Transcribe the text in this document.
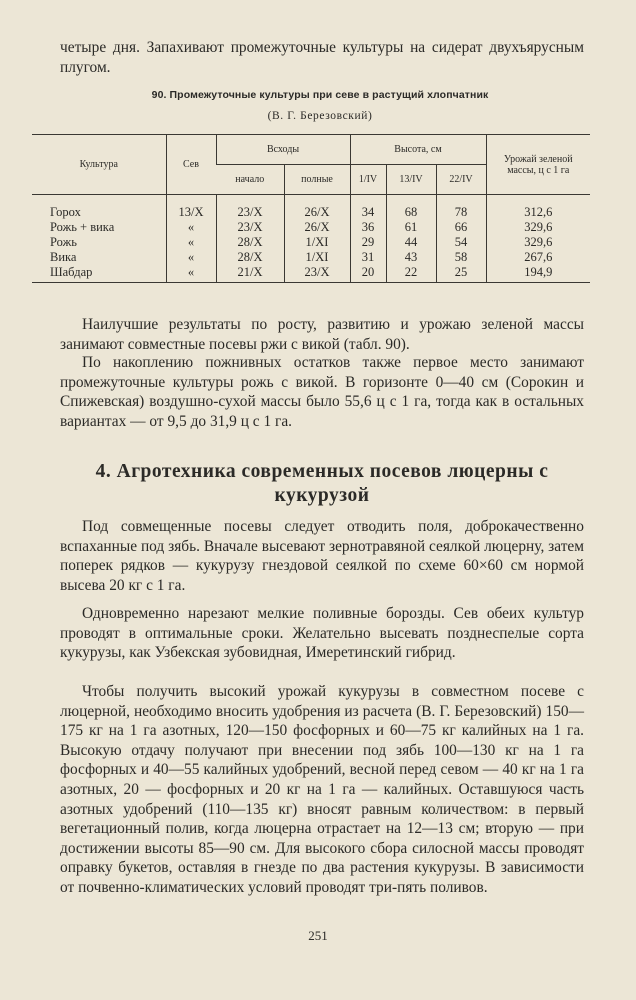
четыре дня. Запахивают промежуточные культуры на сидерат двухъярусным плугом.

90. Промежуточные культуры при севе в растущий хлопчатник
(В. Г. Березовский)
Культура	Сев	Всходы		Высота, см			Урожай зеленой массы, ц с 1 га
		начало	полные	1/IV	13/IV	22/IV	
Горох	13/X	23/X	26/X	34	68	78	312,6
Рожь + вика	«	23/X	26/X	36	61	66	329,6
Рожь	«	28/X	1/XI	29	44	54	329,6
Вика	«	28/X	1/XI	31	43	58	267,6
Шабдар	«	21/X	23/X	20	22	25	194,9

Наилучшие результаты по росту, развитию и урожаю зеленой массы занимают совместные посевы ржи с викой (табл. 90).

По накоплению пожнивных остатков также первое место занимают промежуточные культуры рожь с викой. В горизонте 0—40 см (Сорокин и Спижевская) воздушно-сухой массы было 55,6 ц с 1 га, тогда как в остальных вариантах — от 9,5 до 31,9 ц с 1 га.

4. Агротехника современных посевов люцерны с кукурузой

Под совмещенные посевы следует отводить поля, доброкачественно вспаханные под зябь. Вначале высевают зернотравяной сеялкой люцерну, затем поперек рядков — кукурузу гнездовой сеялкой по схеме 60×60 см нормой высева 20 кг с 1 га.

Одновременно нарезают мелкие поливные борозды. Сев обеих культур проводят в оптимальные сроки. Желательно высевать позднеспелые сорта кукурузы, как Узбекская зубовидная, Имеретинский гибрид.

Чтобы получить высокий урожай кукурузы в совместном посеве с люцерной, необходимо вносить удобрения из расчета (В. Г. Березовский) 150—175 кг на 1 га азотных, 120—150 фосфорных и 60—75 кг калийных на 1 га. Высокую отдачу получают при внесении под зябь 100—130 кг на 1 га фосфорных и 40—55 калийных удобрений, весной перед севом — 40 кг на 1 га азотных, 20 — фосфорных и 20 кг на 1 га — калийных. Оставшуюся часть азотных удобрений (110—135 кг) вносят равным количеством: в первый вегетационный полив, когда люцерна отрастает на 12—13 см; вторую — при достижении высоты 85—90 см. Для высокого сбора силосной массы проводят оправку букетов, оставляя в гнезде по два растения кукурузы. В зависимости от почвенно-климатических условий проводят три-пять поливов.

251
